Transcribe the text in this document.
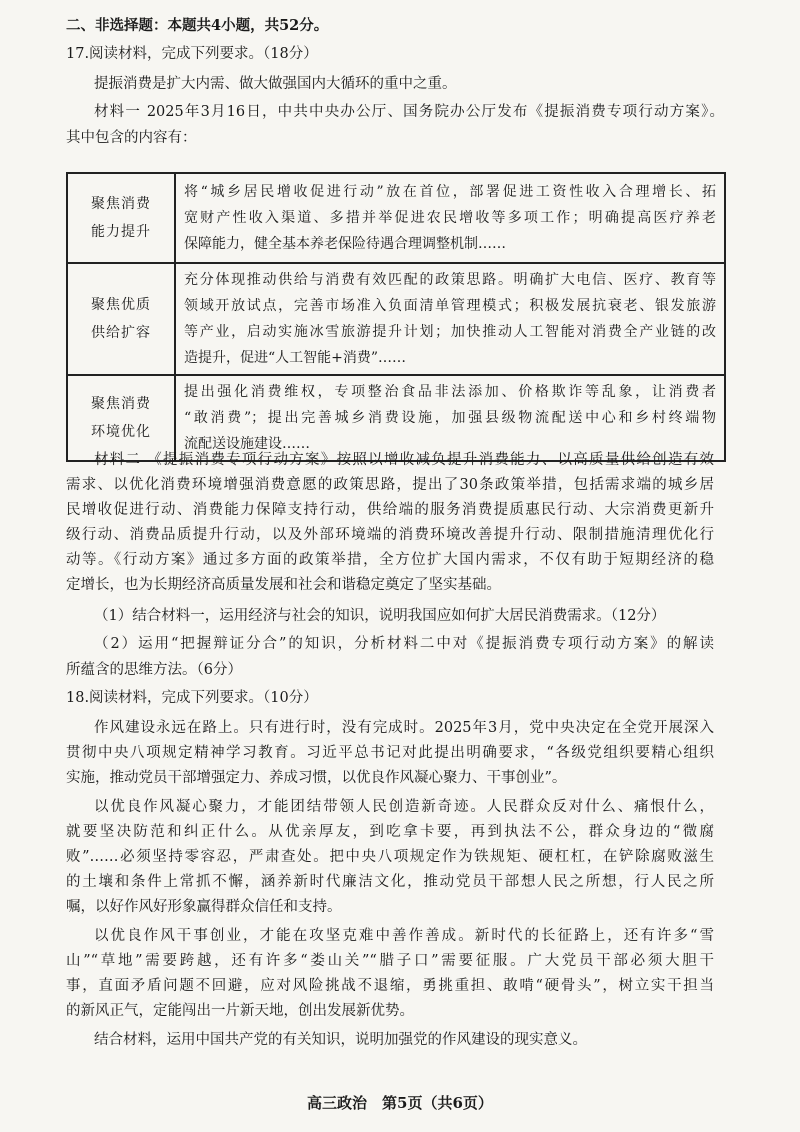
二、非选择题：本题共4小题，共52分。
17.阅读材料，完成下列要求。（18分）
提振消费是扩大内需、做大做强国内大循环的重中之重。
材料一 2025年3月16日，中共中央办公厅、国务院办公厅发布《提振消费专项行动方案》。
其中包含的内容有：
聚焦消费
能力提升	将“城乡居民增收促进行动”放在首位，部署促进工资性收入合理增长、拓
宽财产性收入渠道、多措并举促进农民增收等多项工作；明确提高医疗养老
保障能力，健全基本养老保险待遇合理调整机制……

聚焦优质
供给扩容	充分体现推动供给与消费有效匹配的政策思路。明确扩大电信、医疗、教育等
领域开放试点，完善市场准入负面清单管理模式；积极发展抗衰老、银发旅游
等产业，启动实施冰雪旅游提升计划；加快推动人工智能对消费全产业链的改
造提升，促进“人工智能+消费”……

聚焦消费
环境优化	提出强化消费维权，专项整治食品非法添加、价格欺诈等乱象，让消费者
“敢消费”；提出完善城乡消费设施，加强县级物流配送中心和乡村终端物
流配送设施建设……
材料二 《提振消费专项行动方案》按照以增收减负提升消费能力、以高质量供给创造有效
需求、以优化消费环境增强消费意愿的政策思路，提出了30条政策举措，包括需求端的城乡居
民增收促进行动、消费能力保障支持行动，供给端的服务消费提质惠民行动、大宗消费更新升
级行动、消费品质提升行动，以及外部环境端的消费环境改善提升行动、限制措施清理优化行
动等。《行动方案》通过多方面的政策举措，全方位扩大国内需求，不仅有助于短期经济的稳
定增长，也为长期经济高质量发展和社会和谐稳定奠定了坚实基础。
（1）结合材料一，运用经济与社会的知识，说明我国应如何扩大居民消费需求。（12分）
（2）运用“把握辩证分合”的知识，分析材料二中对《提振消费专项行动方案》的解读
所蕴含的思维方法。（6分）
18.阅读材料，完成下列要求。（10分）
作风建设永远在路上。只有进行时，没有完成时。2025年3月，党中央决定在全党开展深入
贯彻中央八项规定精神学习教育。习近平总书记对此提出明确要求，“各级党组织要精心组织
实施，推动党员干部增强定力、养成习惯，以优良作风凝心聚力、干事创业”。
以优良作风凝心聚力，才能团结带领人民创造新奇迹。人民群众反对什么、痛恨什么，
就要坚决防范和纠正什么。从优亲厚友，到吃拿卡要，再到执法不公，群众身边的“微腐
败”……必须坚持零容忍，严肃查处。把中央八项规定作为铁规矩、硬杠杠，在铲除腐败滋生
的土壤和条件上常抓不懈，涵养新时代廉洁文化，推动党员干部想人民之所想，行人民之所
嘱，以好作风好形象赢得群众信任和支持。
以优良作风干事创业，才能在攻坚克难中善作善成。新时代的长征路上，还有许多“雪
山”“草地”需要跨越，还有许多“娄山关”“腊子口”需要征服。广大党员干部必须大胆干
事，直面矛盾问题不回避，应对风险挑战不退缩，勇挑重担、敢啃“硬骨头”，树立实干担当
的新风正气，定能闯出一片新天地，创出发展新优势。
结合材料，运用中国共产党的有关知识，说明加强党的作风建设的现实意义。
高三政治　第5页（共6页）
